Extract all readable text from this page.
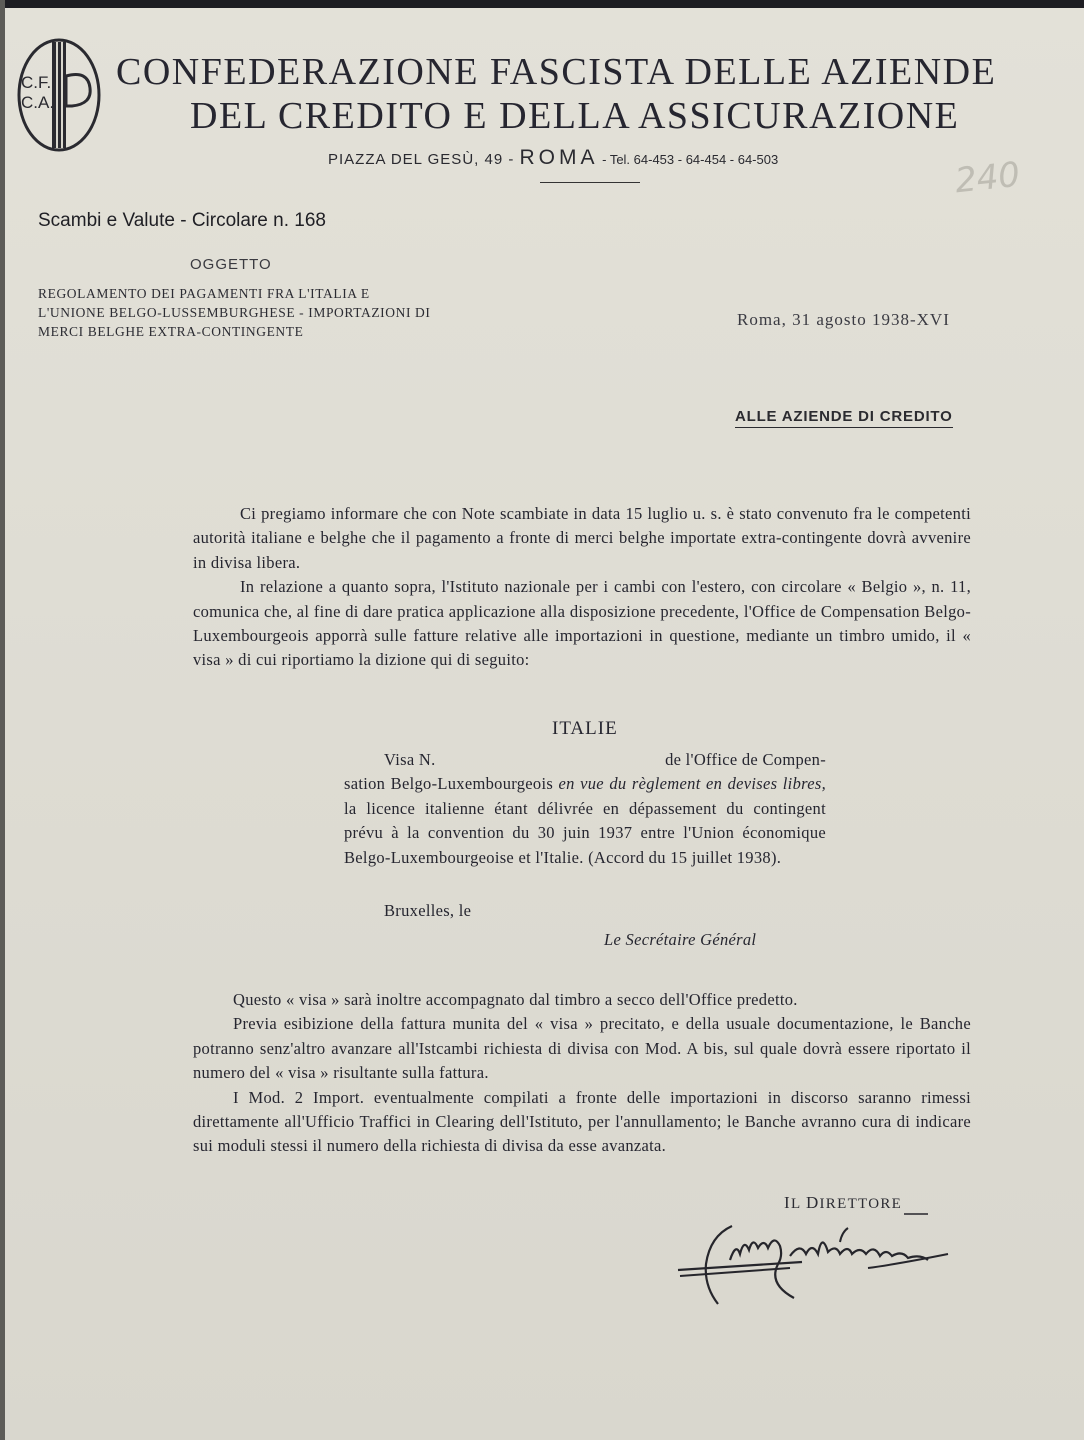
C.F.
C.A.
CONFEDERAZIONE FASCISTA DELLE AZIENDE
DEL CREDITO E DELLA ASSICURAZIONE
PIAZZA DEL GESÙ, 49 - ROMA - Tel. 64-453 - 64-454 - 64-503	240
Scambi e Valute - Circolare n. 168
OGGETTO
REGOLAMENTO DEI PAGAMENTI FRA L'ITALIA E L'UNIONE BELGO-LUSSEMBURGHESE - IMPORTAZIONI DI MERCI BELGHE EXTRA-CONTINGENTE
Roma, 31 agosto 1938-XVI
ALLE AZIENDE DI CREDITO

Ci pregiamo informare che con Note scambiate in data 15 luglio u. s. è stato convenuto fra le competenti autorità italiane e belghe che il pagamento a fronte di merci belghe importate extra-contingente dovrà avvenire in divisa libera.

In relazione a quanto sopra, l'Istituto nazionale per i cambi con l'estero, con circolare « Belgio », n. 11, comunica che, al fine di dare pratica applicazione alla disposizione precedente, l'Office de Compensation Belgo-Luxembourgeois apporrà sulle fatture relative alle importazioni in questione, mediante un timbro umido, il « visa » di cui riportiamo la dizione qui di seguito:

ITALIE
Visa N.	de l'Office de Compen-

sation Belgo-Luxembourgeois en vue du règlement en devises libres, la licence italienne étant délivrée en dépassement du contingent prévu à la convention du 30 juin 1937 entre l'Union économique Belgo-Luxembourgeoise et l'Italie. (Accord du 15 juillet 1938).

Bruxelles, le
Le Secrétaire Général

Questo « visa » sarà inoltre accompagnato dal timbro a secco dell'Office predetto.

Previa esibizione della fattura munita del « visa » precitato, e della usuale documentazione, le Banche potranno senz'altro avanzare all'Istcambi richiesta di divisa con Mod. A bis, sul quale dovrà essere riportato il numero del « visa » risultante sulla fattura.

I Mod. 2 Import. eventualmente compilati a fronte delle importazioni in discorso saranno rimessi direttamente all'Ufficio Traffici in Clearing dell'Istituto, per l'annullamento; le Banche avranno cura di indicare sui moduli stessi il numero della richiesta di divisa da esse avanzata.

IL DIRETTORE
